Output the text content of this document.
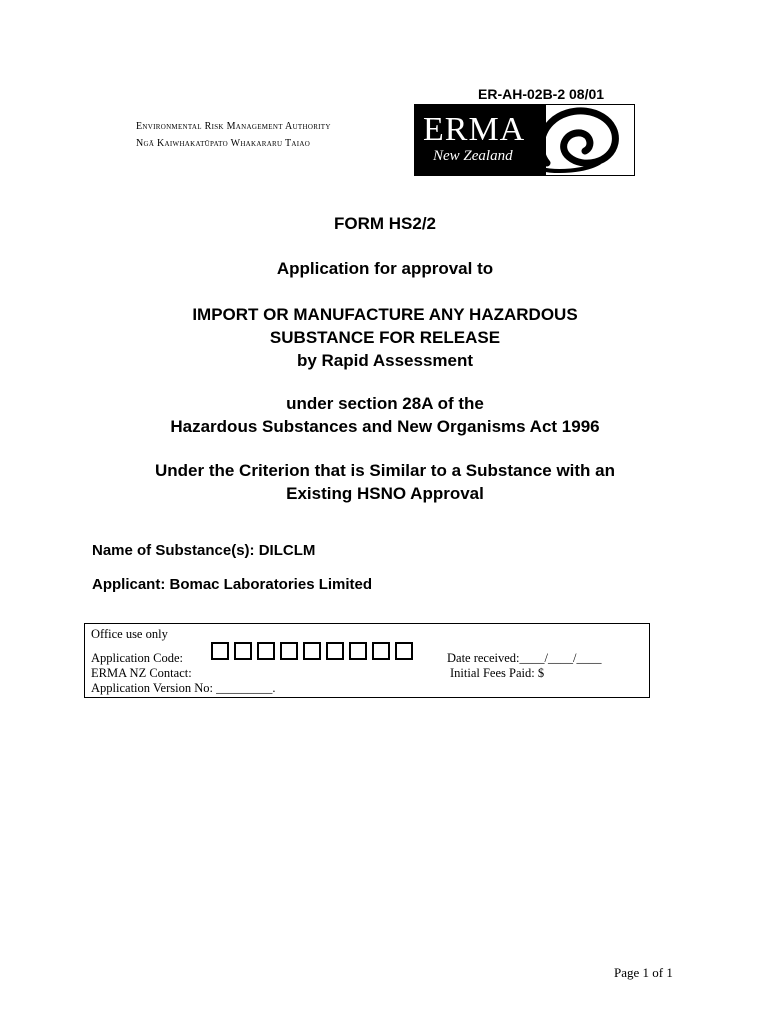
ER-AH-02B-2 08/01
Environmental Risk Management Authority
Ngā Kaiwhakatūpato Whakararu Taiao	ERMA
New Zealand
FORM HS2/2
Application for approval to
IMPORT OR MANUFACTURE ANY HAZARDOUS
SUBSTANCE FOR RELEASE
by Rapid Assessment
under section 28A of the
Hazardous Substances and New Organisms Act 1996
Under the Criterion that is Similar to a Substance with an
Existing HSNO Approval
Name of Substance(s): DILCLM
Applicant: Bomac Laboratories Limited
Office use only
Application Code:
ERMA NZ Contact:
Application Version No: _________.
Date received:____/____/____
Initial Fees Paid: $
Page 1 of 1
